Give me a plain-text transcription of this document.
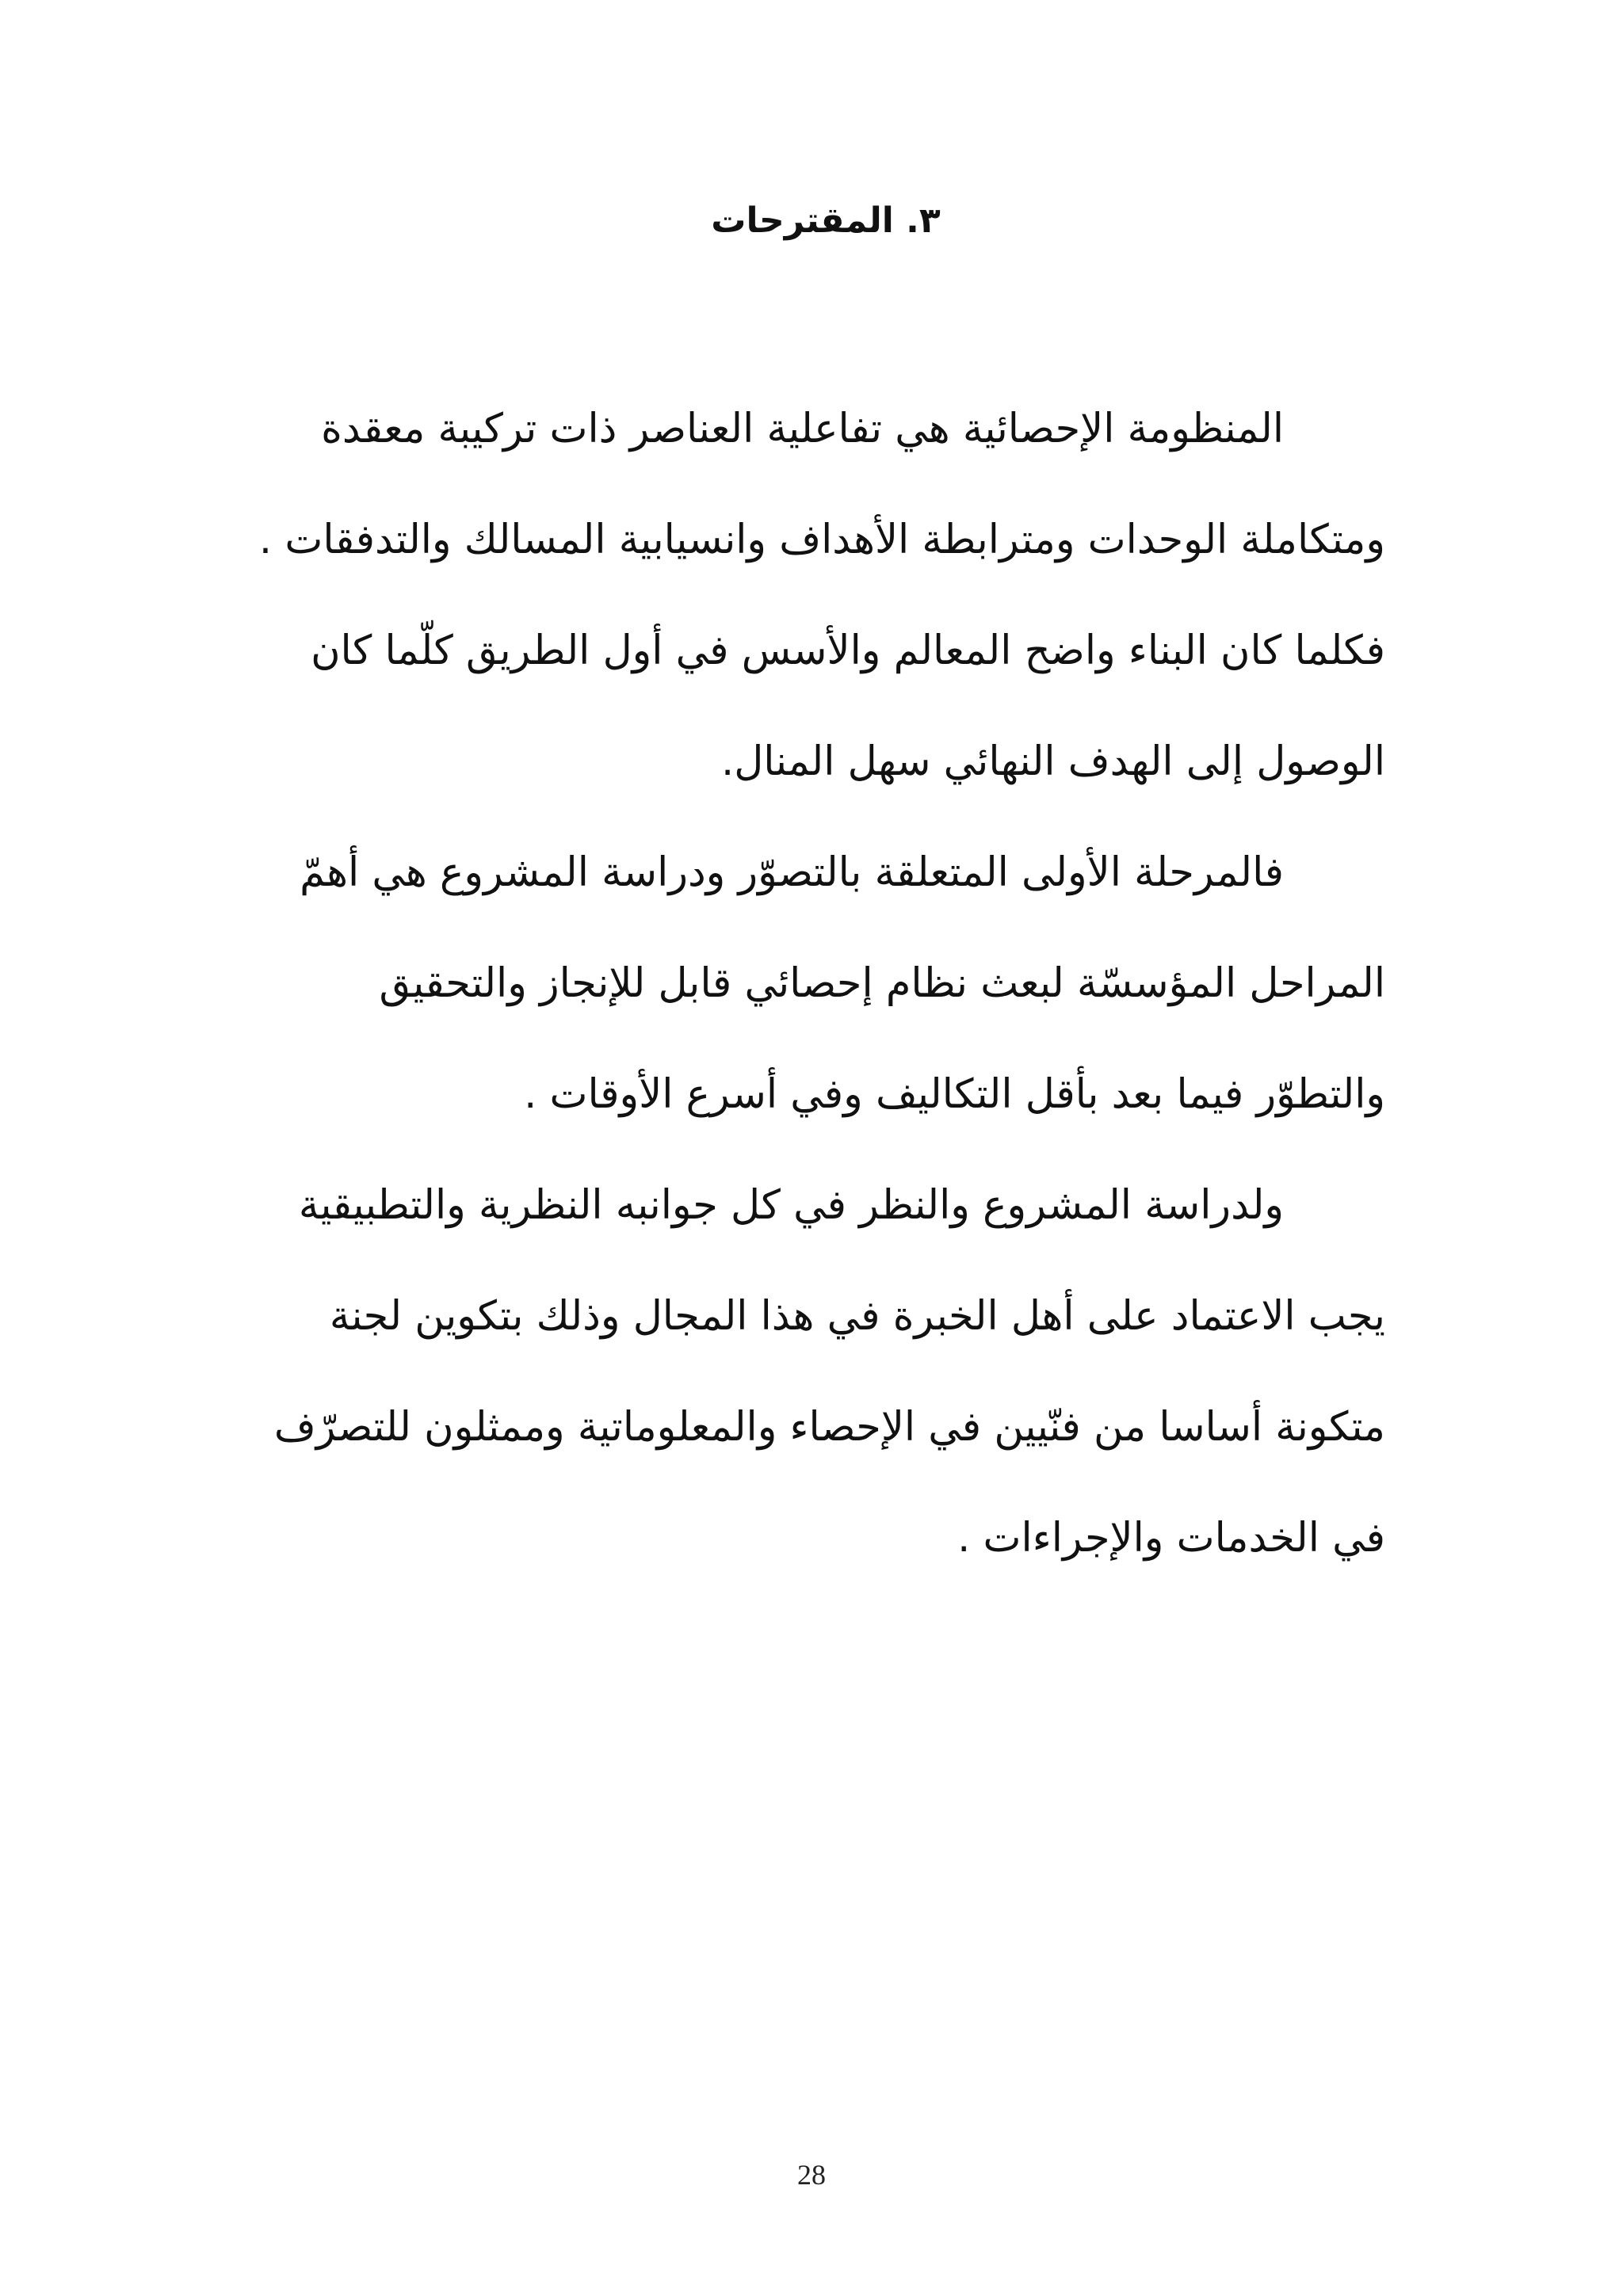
٣. المقترحات
المنظومة الإحصائية هي تفاعلية العناصر ذات تركيبة معقدة
ومتكاملة الوحدات ومترابطة الأهداف وانسيابية المسالك والتدفقات .
فكلما كان البناء واضح المعالم والأسس في أول الطريق كلّما كان
الوصول إلى الهدف النهائي سهل المنال.
فالمرحلة الأولى المتعلقة بالتصوّر ودراسة المشروع هي أهمّ
المراحل المؤسسّة لبعث نظام إحصائي قابل للإنجاز والتحقيق
والتطوّر فيما بعد بأقل التكاليف وفي أسرع الأوقات .
ولدراسة المشروع والنظر في كل جوانبه النظرية والتطبيقية
يجب الاعتماد على أهل الخبرة في هذا المجال وذلك بتكوين لجنة
متكونة أساسا من فنّيين في الإحصاء والمعلوماتية وممثلون للتصرّف
في الخدمات والإجراءات .
28
